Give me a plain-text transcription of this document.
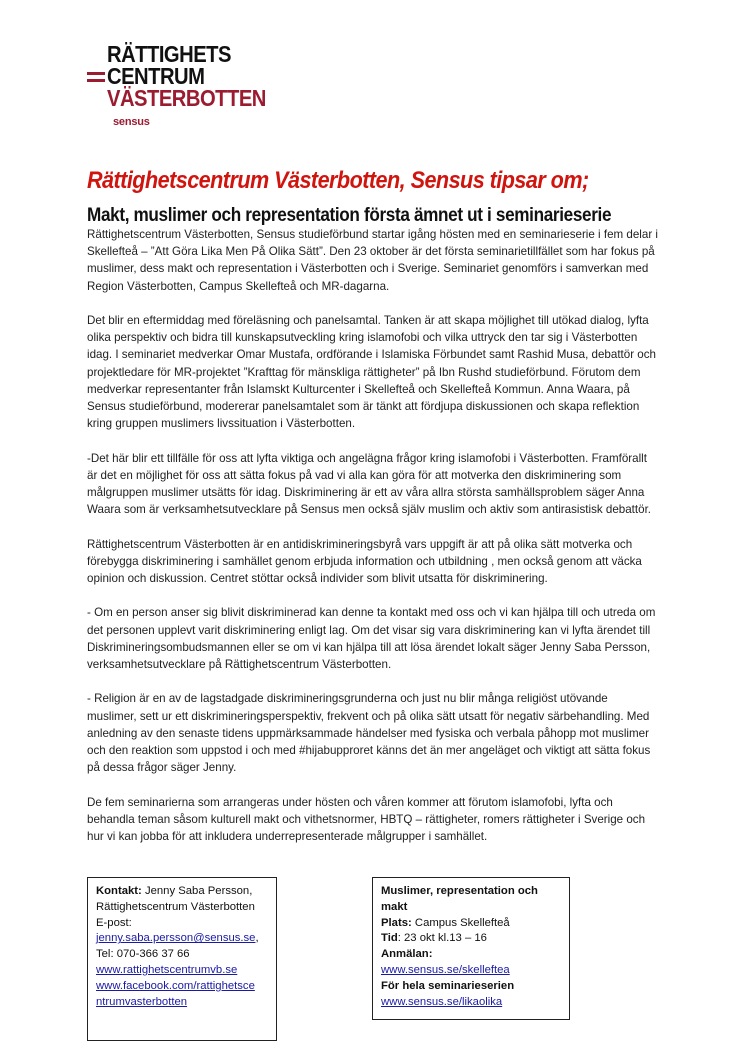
RÄTTIGHETS
CENTRUM
VÄSTERBOTTEN
sensus
Rättighetscentrum Västerbotten, Sensus tipsar om;
Makt, muslimer och representation första ämnet ut i seminarieserie

Rättighetscentrum Västerbotten, Sensus studieförbund startar igång hösten med en seminarieserie i fem delar i Skellefteå – ”Att Göra Lika Men På Olika Sätt”. Den 23 oktober är det första seminarietillfället som har fokus på muslimer, dess makt och representation i Västerbotten och i Sverige. Seminariet genomförs i samverkan med Region Västerbotten, Campus Skellefteå och MR-dagarna.

Det blir en eftermiddag med föreläsning och panelsamtal. Tanken är att skapa möjlighet till utökad dialog, lyfta olika perspektiv och bidra till kunskapsutveckling kring islamofobi och vilka uttryck den tar sig i Västerbotten idag. I seminariet medverkar Omar Mustafa, ordförande i Islamiska Förbundet samt Rashid Musa, debattör och projektledare för MR-projektet ”Krafttag för mänskliga rättigheter” på Ibn Rushd studieförbund. Förutom dem medverkar representanter från Islamskt Kulturcenter i Skellefteå och Skellefteå Kommun. Anna Waara, på Sensus studieförbund, modererar panelsamtalet som är tänkt att fördjupa diskussionen och skapa reflektion kring gruppen muslimers livssituation i Västerbotten.

-Det här blir ett tillfälle för oss att lyfta viktiga och angelägna frågor kring islamofobi i Västerbotten. Framförallt är det en möjlighet för oss att sätta fokus på vad vi alla kan göra för att motverka den diskriminering som målgruppen muslimer utsätts för idag. Diskriminering är ett av våra allra största samhällsproblem säger Anna Waara som är verksamhetsutvecklare på Sensus men också själv muslim och aktiv som antirasistisk debattör.

Rättighetscentrum Västerbotten är en antidiskrimineringsbyrå vars uppgift är att på olika sätt motverka och förebygga diskriminering i samhället genom erbjuda information och utbildning , men också genom att väcka opinion och diskussion. Centret stöttar också individer som blivit utsatta för diskriminering.

- Om en person anser sig blivit diskriminerad kan denne ta kontakt med oss och vi kan hjälpa till och utreda om det personen upplevt varit diskriminering enligt lag. Om det visar sig vara diskriminering kan vi lyfta ärendet till Diskrimineringsombudsmannen eller se om vi kan hjälpa till att lösa ärendet lokalt säger Jenny Saba Persson, verksamhetsutvecklare på Rättighetscentrum Västerbotten.

- Religion är en av de lagstadgade diskrimineringsgrunderna och just nu blir många religiöst utövande muslimer, sett ur ett diskrimineringsperspektiv, frekvent och på olika sätt utsatt för negativ särbehandling. Med anledning av den senaste tidens uppmärksammade händelser med fysiska och verbala påhopp mot muslimer och den reaktion som uppstod i och med #hijabupproret känns det än mer angeläget och viktigt att sätta fokus på dessa frågor säger Jenny.

De fem seminarierna som arrangeras under hösten och våren kommer att förutom islamofobi, lyfta och behandla teman såsom kulturell makt och vithetsnormer, HBTQ – rättigheter, romers rättigheter i Sverige och hur vi kan jobba för att inkludera underrepresenterade målgrupper i samhället.

Kontakt: Jenny Saba Persson,
Rättighetscentrum Västerbotten
E-post:
jenny.saba.persson@sensus.se,
Tel: 070-366 37 66
www.rattighetscentrumvb.se
www.facebook.com/rattighetsce
ntrumvasterbotten
Muslimer, representation och makt
Plats: Campus Skellefteå
Tid: 23 okt kl.13 – 16
Anmälan:
www.sensus.se/skelleftea
För hela seminarieserien
www.sensus.se/likaolika
